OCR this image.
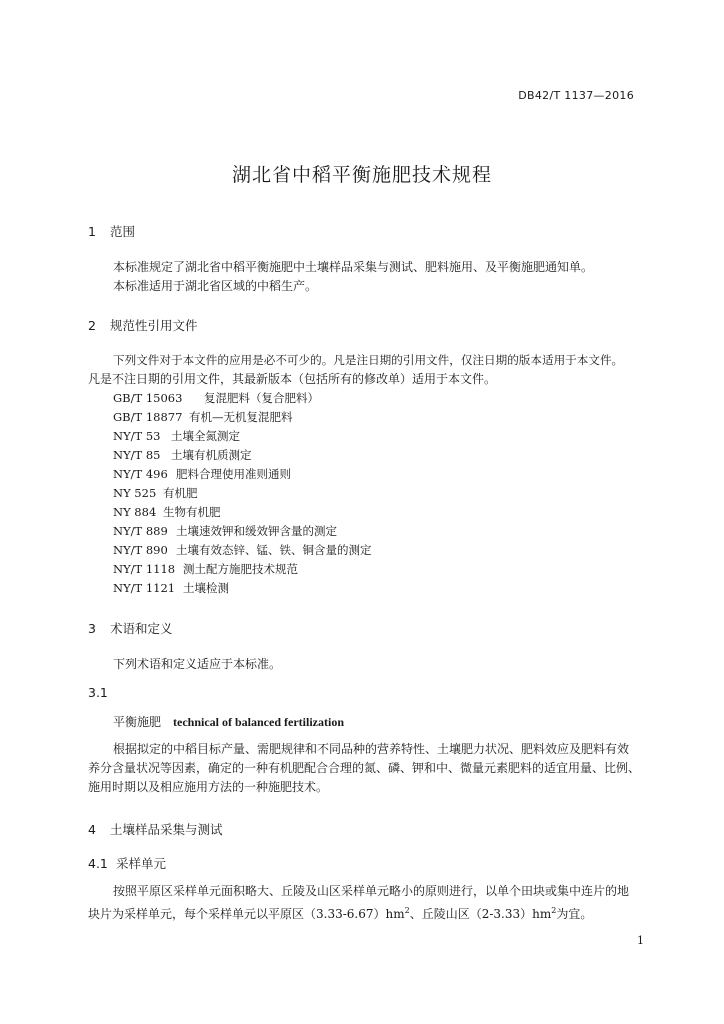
DB42/T 1137—2016
湖北省中稻平衡施肥技术规程
1 范围
本标准规定了湖北省中稻平衡施肥中土壤样品采集与测试、肥料施用、及平衡施肥通知单。
本标准适用于湖北省区域的中稻生产。
2 规范性引用文件
下列文件对于本文件的应用是必不可少的。凡是注日期的引用文件，仅注日期的版本适用于本文件。
凡是不注日期的引用文件，其最新版本（包括所有的修改单）适用于本文件。
GB/T 15063 复混肥料（复合肥料）
GB/T 18877 有机—无机复混肥料
NY/T 53 土壤全氮测定
NY/T 85 土壤有机质测定
NY/T 496 肥料合理使用准则通则
NY 525 有机肥
NY 884 生物有机肥
NY/T 889 土壤速效钾和缓效钾含量的测定
NY/T 890 土壤有效态锌、锰、铁、铜含量的测定
NY/T 1118 测土配方施肥技术规范
NY/T 1121 土壤检测
3 术语和定义
下列术语和定义适应于本标准。
3.1
平衡施肥 technical of balanced fertilization
根据拟定的中稻目标产量、需肥规律和不同品种的营养特性、土壤肥力状况、肥料效应及肥料有效
养分含量状况等因素，确定的一种有机肥配合合理的氮、磷、钾和中、微量元素肥料的适宜用量、比例、
施用时期以及相应施用方法的一种施肥技术。
4 土壤样品采集与测试
4.1 采样单元
按照平原区采样单元面积略大、丘陵及山区采样单元略小的原则进行，以单个田块或集中连片的地
块片为采样单元，每个采样单元以平原区$(3.33-6.67)hm^2$、丘陵山区$(2-3.33)hm^2$为宜。
1
